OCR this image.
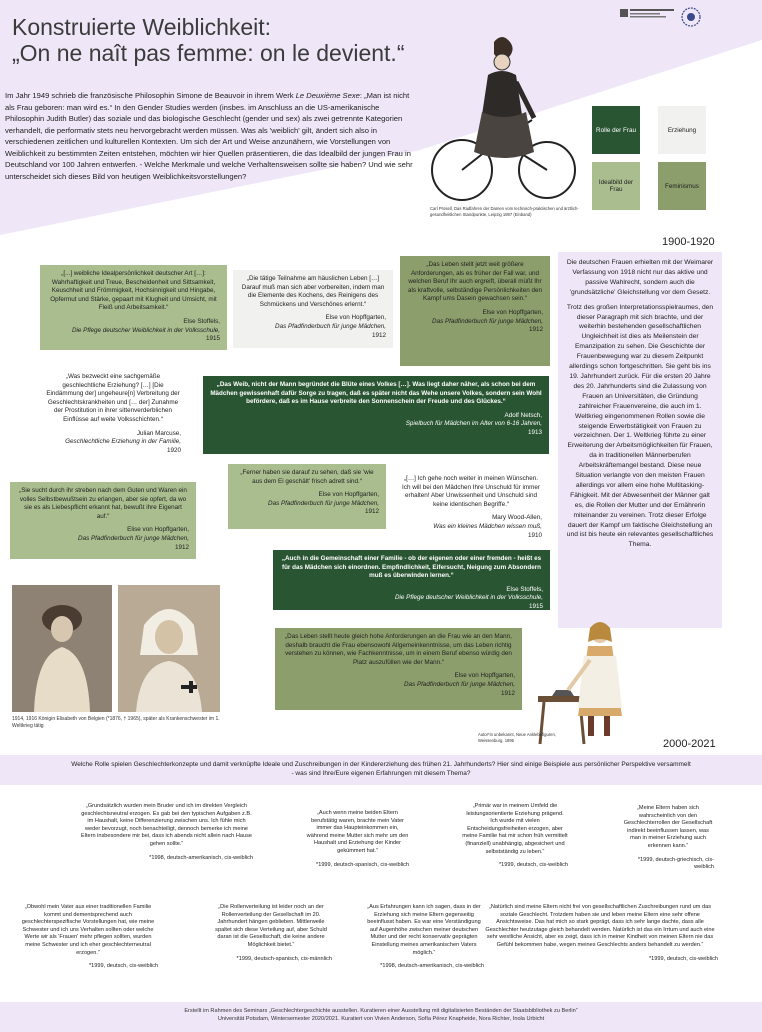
Konstruierte Weiblichkeit:
„On ne naît pas femme: on le devient.“
Im Jahr 1949 schrieb die französische Philosophin Simone de Beauvoir in ihrem Werk Le Deuxième Sexe: „Man ist nicht als Frau geboren: man wird es.“ In den Gender Studies werden (insbes. im Anschluss an die US-amerikanische Philosophin Judith Butler) das soziale und das biologische Geschlecht (gender und sex) als zwei getrennte Kategorien verhandelt, die performativ stets neu hervorgebracht werden müssen. Was als 'weiblich' gilt, ändert sich also in verschiedenen zeitlichen und kulturellen Kontexten. Um sich der Art und Weise anzunähern, wie Vorstellungen von Weiblichkeit zu bestimmten Zeiten entstehen, möchten wir hier Quellen präsentieren, die das Idealbild der jungen Frau in Deutschland vor 100 Jahren entwerfen. - Welche Merkmale und welche Verhaltensweisen sollte sie haben? Und wie sehr unterscheidet sich dieses Bild von heutigen Weiblichkeitsvorstellungen?
Carl Prosell, Das Radfahren der Damen vom technisch-praktischen und ärztlich-gesundheitlichen Standpunkte, Leipzig 1897 (Einband)
Rolle der Frau	Erziehung
Idealbild der Frau	Feminismus
1900-1920
2000-2021
„[...] weibliche Idealpersönlichkeit deutscher Art […]: Wahrhaftigkeit und Treue, Bescheidenheit und Sittsamkeit, Keuschheit und Frömmigkeit, Hochsinnigkeit und Hingabe, Opfermut und Stärke, gepaart mit Klugheit und Umsicht, mit Fleiß und Arbeitsamkeit.“
Else Stoffels,
Die Pflege deutscher Weiblichkeit in der Volksschule,
1915
„Die tätige Teilnahme am häuslichen Leben […] Darauf muß man sich aber vorbereiten, indem man die Elemente des Kochens, des Reinigens des Schmückens und Verschönes erlernt.“
Else von Hopffgarten,
Das Pfadfinderbuch für junge Mädchen,
1912
„Das Leben stellt jetzt weit größere Anforderungen, als es früher der Fall war, und welchen Beruf Ihr auch ergreift, überall müßt Ihr als kraftvolle, selbständige Persönlichkeiten den Kampf ums Dasein gewachsen sein.“
Else von Hopffgarten,
Das Pfadfinderbuch für junge Mädchen,
1912
„Was bezweckt eine sachgemäße geschlechtliche Erziehung? […] [Die Eindämmung der] ungeheure[n] Verbreitung der Geschlechtskrankheiten und [… der] Zunahme der Prostitution in ihrer sittenverderblichen Einflüsse auf weite Volksschichten.“
Julian Marcuse,
Geschlechtliche Erziehung in der Familie,
1920
„Das Weib, nicht der Mann begründet die Blüte eines Volkes […]. Was liegt daher näher, als schon bei dem Mädchen gewissenhaft dafür Sorge zu tragen, daß es später nicht das Wehe unsere Volkes, sondern sein Wohl befördere, daß es im Hause verbreite den Sonnenschein der Freude und des Glückes.“
Adolf Netsch,
Spielbuch für Mädchen im Alter von 6-16 Jahren,
1913
„Ferner haben sie darauf zu sehen, daß sie 'wie aus dem Ei geschält' frisch adrett sind.“
Else von Hopffgarten,
Das Pfadfinderbuch für junge Mädchen,
1912
„[…] Ich gehe noch weiter in meinen Wünschen. Ich will bei den Mädchen Ihre Unschuld für immer erhalten! Aber Unwissenheit und Unschuld sind keine identischen Begriffe.“
Mary Wood-Allen,
Was ein kleines Mädchen wissen muß,
1910
„Sie sucht durch ihr streben nach dem Guten und Waren ein volles Selbstbewußtsein zu erlangen, aber sie opfert, da wo sie es als Liebespflicht erkannt hat, bewußt ihre Eigenart auf.“
Elise von Hopffgarten,
Das Pfadfinderbuch für junge Mädchen,
1912
„Auch in die Gemeinschaft einer Familie - ob der eigenen oder einer fremden - heißt es für das Mädchen sich einordnen. Empfindlichkeit, Eifersucht, Neigung zum Absondern muß es überwinden lernen.“
Else Stoffels,
Die Pflege deutscher Weiblichkeit in der Volksschule,
1915
„Das Leben stellt heute gleich hohe Anforderungen an die Frau wie an den Mann, deshalb braucht die Frau ebensowohl Allgemeinkenntnisse, um das Leben richtig verstehen zu können, wie Fachkenntnisse, um in einem Beruf ebenso würdig den Platz auszufüllen wie der Mann.“
Else von Hopffgarten,
Das Pfadfinderbuch für junge Mädchen,
1912

Die deutschen Frauen erhielten mit der Weimarer Verfassung von 1918 nicht nur das aktive und passive Wahlrecht, sondern auch die 'grundsätzliche' Gleichstellung vor dem Gesetz.

Trotz des großen Interpretationsspielraumes, den dieser Paragraph mit sich brachte, und der weiterhin bestehenden gesellschaftlichen Ungleichheit ist dies als Meilenstein der Emanzipation zu sehen. Die Geschichte der Frauenbewegung war zu diesem Zeitpunkt allerdings schon fortgeschritten. Sie geht bis ins 19. Jahrhundert zurück. Für die ersten 20 Jahre des 20. Jahrhunderts sind die Zulassung von Frauen an Universitäten, die Gründung zahlreicher Frauenvereine, die auch im 1. Weltkrieg eingenommenen Rollen sowie die steigende Erwerbstätigkeit von Frauen zu verzeichnen. Der 1. Weltkrieg führte zu einer Erweiterung der Arbeitsmöglichkeiten für Frauen, da in traditionellen Männerberufen Arbeitskräftemangel bestand. Diese neue Situation verlangte von den meisten Frauen allerdings vor allem eine hohe Multitasking-Fähigkeit. Mit der Abwesenheit der Männer galt es, die Rollen der Mutter und der Ernährerin miteinander zu vereinen. Trotz dieser Erfolge dauert der Kampf um faktische Gleichstellung an und ist bis heute ein relevantes gesellschaftliches Thema.

1914, 1916 Königin Elisabeth von Belgien (*1876, † 1965), später als Krankenschwester im 1. Weltkrieg tätig
Autor*in unbekannt, Neue Anklebefiguren, Weissenburg, 1895
Welche Rolle spielen Geschlechterkonzepte und damit verknüpfte Ideale und Zuschreibungen in der Kindererziehung des frühen 21. Jahrhunderts? Hier sind einige Beispiele aus persönlicher Perspektive versammelt
- was sind Ihre/Eure eigenen Erfahrungen mit diesem Thema?
„Grundsätzlich wurden mein Bruder und ich im direkten Vergleich geschlechtsneutral erzogen. Es gab bei den typischen Aufgaben z.B. im Haushalt, keine Differenzierung zwischen uns. Ich fühle mich weder bevorzugt, noch benachteiligt, dennoch bemerke ich meine Eltern insbesondere mir bei, dass ich abends nicht allein nach Hause gehen sollte.“
*1998, deutsch-amerikanisch, cis-weiblich
„Auch wenn meine beiden Eltern berufstätig waren, brachte mein Vater immer das Haupteinkommen ein, während meine Mutter sich mehr um den Haushalt und Erziehung der Kinder gekümmert hat.“
*1999, deutsch-spanisch, cis-weiblich
„Primär war in meinem Umfeld die leistungsorientierte Erziehung prägend. Ich wurde mit vielen Entscheidungsfreiheiten erzogen, aber meine Familie hat mir schon früh vermittelt (finanziell) unabhängig, abgesichert und selbstständig zu leben.“
*1999, deutsch, cis-weiblich
„Meine Eltern haben sich wahrscheinlich von den Geschlechterrollen der Gesellschaft indirekt beeinflussen lassen, was man in meiner Erziehung auch erkennen kann.“
*1999, deutsch-griechisch, cis-weiblich
„Obwohl mein Vater aus einer traditionellen Familie kommt und dementsprechend auch geschlechterspezifische Vorstellungen hat, wie meine Schwester und ich uns Verhalten sollten oder welche Werte wir als 'Frauen' mehr pflegen sollten, wurden meine Schwester und ich eher geschlechterneutral erzogen.“
*1999, deutsch, cis-weiblich
„Die Rollenverteilung ist leider noch an der Rollenverteilung der Gesellschaft im 20. Jahrhundert hängen geblieben. Mittlerweile spaltet sich diese Verteilung auf, aber Schuld daran ist die Gesellschaft, die keine andere Möglichkeit bietet.“
*1999, deutsch-spanisch, cis-männlich
„Aus Erfahrungen kann ich sagen, dass in der Erziehung sich meine Eltern gegenseitig beeinflusst haben. Es war eine Verständigung auf Augenhöhe zwischen meiner deutschen Mutter und der recht konservativ geprägten Einstellung meines amerikanischen Vaters möglich.“
*1998, deutsch-amerikanisch, cis-weiblich
„Natürlich sind meine Eltern nicht frei von gesellschaftlichen Zuschreibungen rund um das soziale Geschlecht. Trotzdem haben sie und leben meine Eltern eine sehr offene Ansichtsweise. Das hat mich so stark geprägt, dass ich sehr lange dachte, dass alle Geschlechter heutzutage gleich behandelt werden. Natürlich ist das ein Irrtum und auch eine sehr westliche Ansicht, aber es zeigt, dass ich in meiner Kindheit von meinen Eltern nie das Gefühl bekommen habe, wegen meines Geschlechts anders behandelt zu werden.“
*1999, deutsch, cis-weiblich
Erstellt im Rahmen des Seminars „Geschlechtergeschichte ausstellen. Kuratieren einer Ausstellung mit digitalisierten Beständen der Staatsbibliothek zu Berlin“
Universität Potsdam, Wintersemester 2020/2021. Kuratiert von Vivien Anderson, Sofía Pérez Knapheide, Nora Richter, Inola Urbicht
